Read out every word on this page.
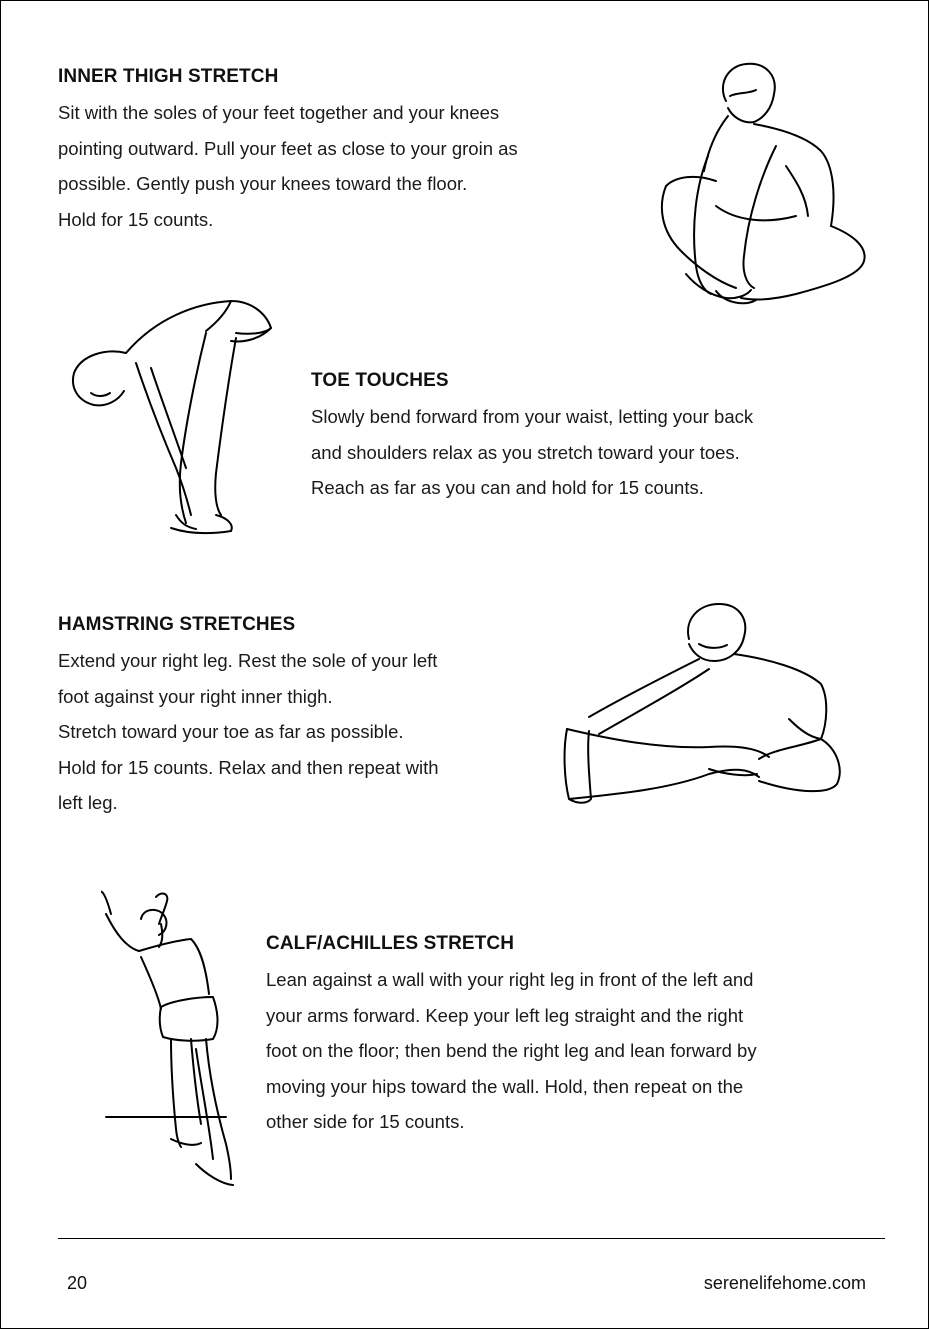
INNER THIGH STRETCH
Sit with the soles of your feet together and your knees
pointing outward. Pull your feet as close to your groin as
possible. Gently push your knees toward the floor.
Hold for 15 counts.
TOE TOUCHES
Slowly bend forward from your waist, letting your back
and shoulders relax as you stretch toward your toes.
Reach as far as you can and hold for 15 counts.
HAMSTRING STRETCHES
Extend your right leg. Rest the sole of your left
foot against your right inner thigh.
Stretch toward your toe as far as possible.
Hold for 15 counts. Relax and then repeat with
left leg.
CALF/ACHILLES STRETCH
Lean against a wall with your right leg in front of the left and
your arms forward. Keep your left leg straight and the right
foot on the floor; then bend the right leg and lean forward by
moving your hips toward the wall. Hold, then repeat on the
other side for 15 counts.
20	serenelifehome.com
